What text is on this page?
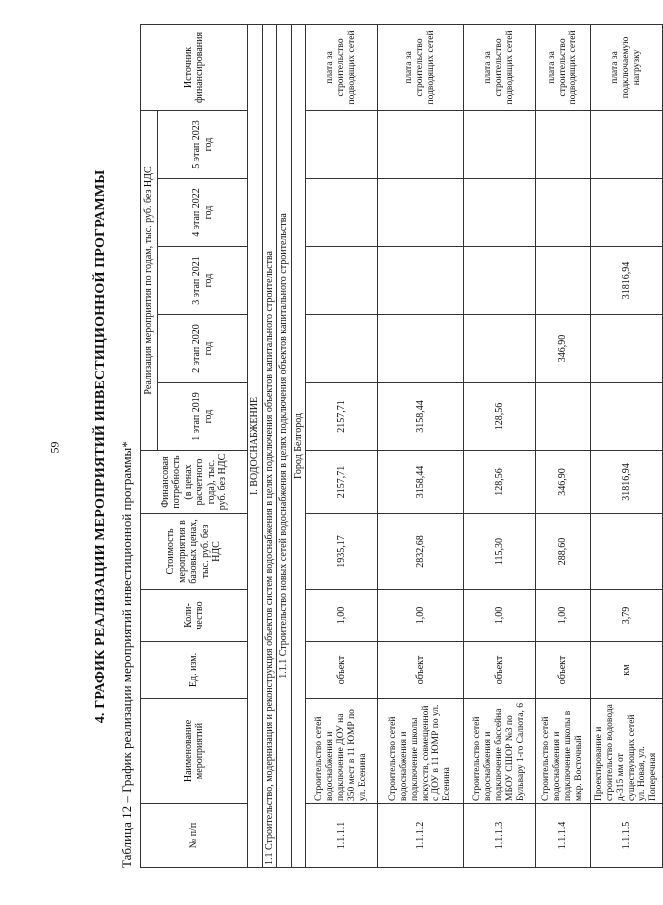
59 4. ГРАФИК РЕАЛИЗАЦИИ МЕРОПРИЯТИЙ ИНВЕСТИЦИОННОЙ ПРОГРАММЫ Таблица 12 – График реализации мероприятий инвестиционной программы*	№ п/п	Наименование мероприятий	Ед. изм.	Коли-чество	Стоимость мероприятия в базовых ценах, тыс. руб. без НДС	Финансовая потребность (в ценах расчетного года), тыс. руб. без НДС	Реализация мероприятия по годам, тыс. руб. без НДС					Источник финансирования
						1 этап 2019 год	2 этап 2020 год	3 этап 2021 год	4 этап 2022 год	5 этап 2023 год	
I. ВОДОСНАБЖЕНИЕ											
1.1 Строительство, модернизация и реконструкция объектов систем водоснабжения в целях подключения объектов капитального строительства											
1.1.1 Строительство новых сетей водоснабжения в целях подключения объектов капитального строительства											
Город Белгород											
1.1.1.1	Строительство сетей водоснабжения и подключение ДОУ на 350 мест в 11 ЮМР по ул. Есенина	объект	1,00	1935,17	2157,71	2157,71					плата за строительство подводящих сетей
1.1.1.2	Строительство сетей водоснабжения и подключение школы искусств, совмещенной с ДОУ в 11 ЮМР по ул. Есенина	объект	1,00	2832,68	3158,44	3158,44					плата за строительство подводящих сетей
1.1.1.3	Строительство сетей водоснабжения и подключение бассейна МБОУ СШОР №3 по Бульвару 1-го Салюта, 6	объект	1,00	115,30	128,56	128,56					плата за строительство подводящих сетей
1.1.1.4	Строительство сетей водоснабжения и подключение школы в мкр. Восточный	объект	1,00	288,60	346,90		346,90				плата за строительство подводящих сетей
1.1.1.5	Проектирование и строительство водовода д-315 мм от существующих сетей ул. Новая, ул. Поперечная	км	3,79		31816,94			31816,94			плата за подключаемую нагрузку
